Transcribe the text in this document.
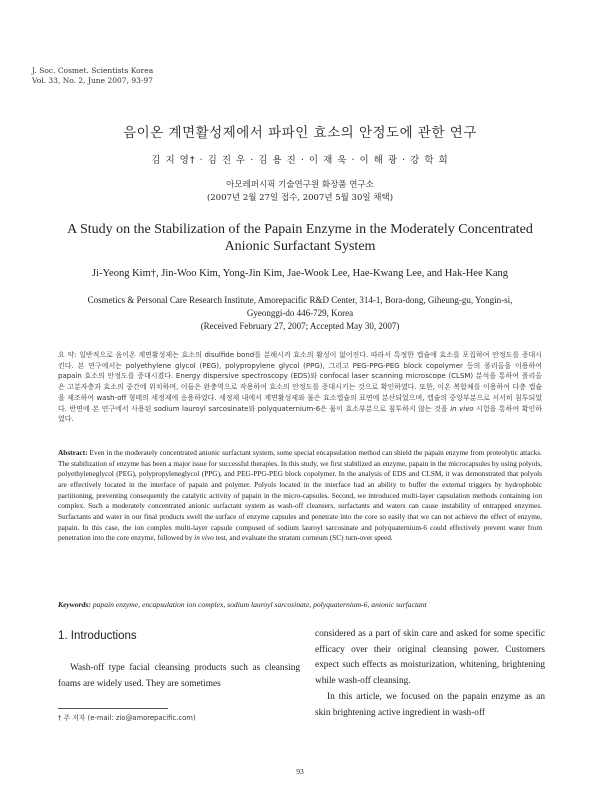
J. Soc. Cosmet. Scientists Korea
Vol. 33, No. 2, June 2007, 93-97
음이온 계면활성제에서 파파인 효소의 안정도에 관한 연구
김 지 영† · 김 진 우 · 김 용 진 · 이 재 욱 · 이 해 광 · 강 학 희
아모레퍼시픽 기술연구원 화장품 연구소
(2007년 2월 27일 접수, 2007년 5월 30일 채택)
A Study on the Stabilization of the Papain Enzyme in the Moderately Concentrated
Anionic Surfactant System
Ji-Yeong Kim†, Jin-Woo Kim, Yong-Jin Kim, Jae-Wook Lee, Hae-Kwang Lee, and Hak-Hee Kang
Cosmetics & Personal Care Research Institute, Amorepacific R&D Center, 314-1, Bora-dong, Giheung-gu, Yongin-si,
Gyeonggi-do 446-729, Korea
(Received February 27, 2007; Accepted May 30, 2007)
요 약: 일반적으로 음이온 계면활성제는 효소의 disulfide bond를 분해시켜 효소의 활성이 없어진다. 따라서 특정한 캡슐에 효소를 포집하여 안정도를 증대시킨다. 본 연구에서는 polyethylene glycol (PEG), polypropylene glycol (PPG), 그리고 PEG-PPG-PEG block copolymer 등의 폴리올을 이용하여 papain 효소의 안정도를 증대시켰다. Energy dispersive spectroscopy (EDS)와 confocal laser scanning microscope (CLSM) 분석을 통하여 폴리올은 고분자층과 효소의 중간에 위치하며, 이들은 완충역으로 작용하여 효소의 안정도를 증대시키는 것으로 확인하였다. 또한, 이온 복합체를 이용하여 다층 캡슐을 제조하여 wash-off 형태의 세정제에 응용하였다. 세정제 내에서 계면활성제와 물은 효소캡슐의 표면에 분산되었으며, 캡슐의 중앙부분으로 서서히 침투되었다. 반면에 본 연구에서 사용된 sodium lauroyl sarcosinate와 polyquaternium-6은 물이 효소부분으로 침투하지 않는 것을 in vivo 시험을 통하여 확인하였다.
Abstract: Even in the moderately concentrated anionic surfactant system, some special encapsulation method can shield the papain enzyme from proteolytic attacks. The stabilization of enzyme has been a major issue for successful therapies. In this study, we first stabilized an enzyme, papain in the microcapsules by using polyols, polyethyleneglycol (PEG), polypropyleneglycol (PPG), and PEG-PPG-PEG block copolymer. In the analysis of EDS and CLSM, it was demonstrated that polyols are effectively located in the interface of papain and polymer. Polyols located in the interface had an ability to buffer the external triggers by hydrophobic partitioning, preventing consequently the catalytic activity of papain in the micro-capsules. Second, we introduced multi-layer capsulation methods containing ion complex. Such a moderately concentrated anionic surfactant system as wash-off cleansers, surfactants and waters can cause instability of entrapped enzymes. Surfactants and water in our final products swell the surface of enzyme capsules and penetrate into the core so easily that we can not achieve the effect of enzyme, papain. In this case, the ion complex multi-layer capsule composed of sodium lauroyl sarcosinate and polyquaternium-6 could effectively prevent water from penetration into the core enzyme, followed by in vivo test, and evaluate the stratum corneum (SC) turn-over speed.
Keywords: papain enzyme, encapsulation ion complex, sodium lauroyl sarcosinate, polyquaternium-6, anionic surfactant
1. Introductions

Wash-off type facial cleansing products such as cleansing foams are widely used. They are sometimes

considered as a part of skin care and asked for some specific efficacy over their original cleansing power. Customers expect such effects as moisturization, whitening, brightening while wash-off cleansing.

In this article, we focused on the papain enzyme as an skin brightening active ingredient in wash-off

† 주 저자 (e-mail: zio@amorepacific.com)
93
